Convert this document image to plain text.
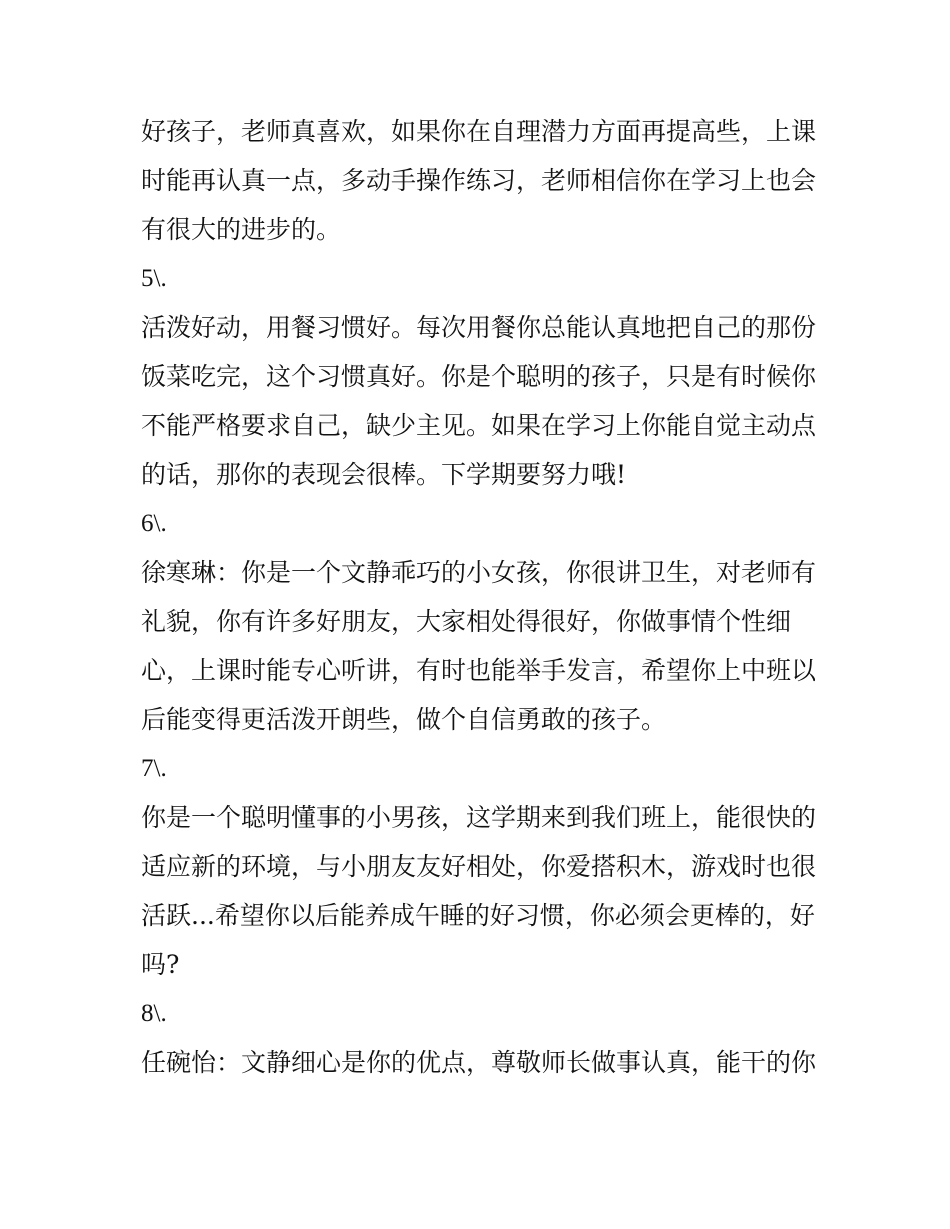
好孩子，老师真喜欢，如果你在自理潜力方面再提高些，上课
时能再认真一点，多动手操作练习，老师相信你在学习上也会
有很大的进步的。
5\.
活泼好动，用餐习惯好。每次用餐你总能认真地把自己的那份
饭菜吃完，这个习惯真好。你是个聪明的孩子，只是有时候你
不能严格要求自己，缺少主见。如果在学习上你能自觉主动点
的话，那你的表现会很棒。下学期要努力哦!
6\.
徐寒琳：你是一个文静乖巧的小女孩，你很讲卫生，对老师有
礼貌，你有许多好朋友，大家相处得很好，你做事情个性细
心，上课时能专心听讲，有时也能举手发言，希望你上中班以
后能变得更活泼开朗些，做个自信勇敢的孩子。
7\.
你是一个聪明懂事的小男孩，这学期来到我们班上，能很快的
适应新的环境，与小朋友友好相处，你爱搭积木，游戏时也很
活跃...希望你以后能养成午睡的好习惯，你必须会更棒的，好
吗?
8\.
任碗怡：文静细心是你的优点，尊敬师长做事认真，能干的你
